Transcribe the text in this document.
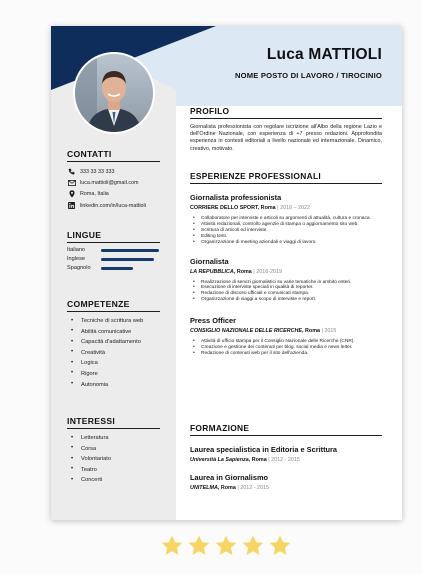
Luca MATTIOLI
NOME POSTO DI LAVORO / TIROCINIO
CONTATTI
333 33 33 333
luca.mattioli@gmail.com
Roma, Italia
linkedin.com/in/luca-mattioli
LINGUE
Italiano
Inglese
Spagnolo
COMPETENZE
• Tecniche di scrittura web
• Abilità comunicative
• Capacità d'adattamento
• Creatività
• Logica
• Rigore
• Autonomia
INTERESSI
• Letteratura
• Corsa
• Volontariato
• Teatro
• Concerti
PROFILO
Giornalista professionista con regolare iscrizione all'Albo della regione Lazio e dell'Ordine Nazionale, con esperienza di +7 presso redazioni. Approfondita esperienza in contesti editoriali a livello nazionale ed internazionale. Dinamico, creativo, motivato.
ESPERIENZE PROFESSIONALI
Giornalista professionista
CORRIERE DELLO SPORT, Roma | 2019 – 2022
• Collaboratore per interviste e articoli su argomenti di attualità, cultura e cronaca.
• Attività redazionali, controllo agenzie di stampa o aggiornamento sito web.
• Scrittura di articoli ed interviste.
• Editing testi.
• Organizzazione di meeting aziendali e viaggi di lavoro.
Giornalista
LA REPUBBLICA, Roma | 2016-2019
• Realizzazione di servizi giornalistici su varie tematiche in ambito esteri.
• Esecuzione di interviste speciali in qualità di reporter.
• Redazione di discorsi ufficiali e comunicati stampa.
• Organizzazione di viaggi a scopo di interviste e report.
Press Officer
CONSIGLIO NAZIONALE DELLE RICERCHE, Roma | 2015
• Attività di ufficio stampa per il Consiglio Nazionale delle Ricerche (CNR).
• Creazione e gestione dei contenuti per blog, social media e news letter.
• Redazione di contenuti web per il sito dell'azienda.
FORMAZIONE
Laurea specialistica in Editoria e Scrittura
Università La Sapienza, Roma | 2012 - 2015
Laurea in Giornalismo
UNITELMA, Roma | 2012 - 2015
